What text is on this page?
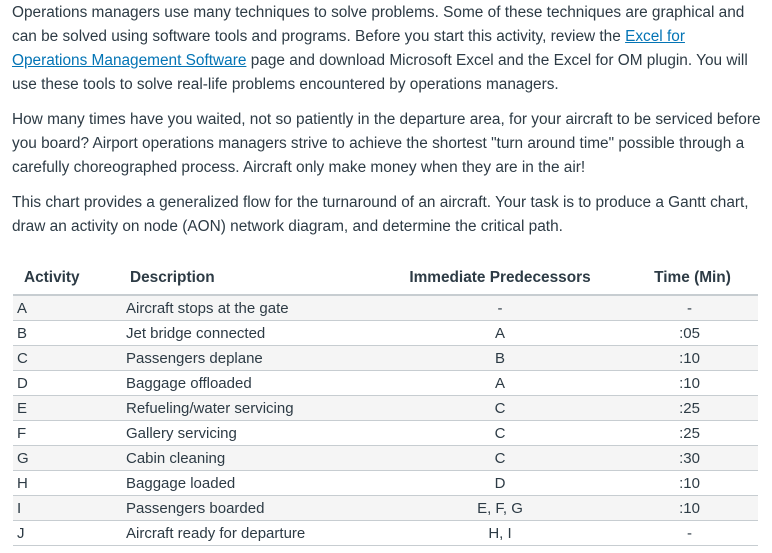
Operations managers use many techniques to solve problems. Some of these techniques are graphical and can be solved using software tools and programs. Before you start this activity, review the Excel for Operations Management Software page and download Microsoft Excel and the Excel for OM plugin. You will use these tools to solve real-life problems encountered by operations managers.

How many times have you waited, not so patiently in the departure area, for your aircraft to be serviced before you board? Airport operations managers strive to achieve the shortest "turn around time" possible through a carefully choreographed process. Aircraft only make money when they are in the air!

This chart provides a generalized flow for the turnaround of an aircraft. Your task is to produce a Gantt chart, draw an activity on node (AON) network diagram, and determine the critical path.

Activity	Description	Immediate Predecessors	Time (Min)
A	Aircraft stops at the gate	-	-
B	Jet bridge connected	A	:05
C	Passengers deplane	B	:10
D	Baggage offloaded	A	:10
E	Refueling/water servicing	C	:25
F	Gallery servicing	C	:25
G	Cabin cleaning	C	:30
H	Baggage loaded	D	:10
I	Passengers boarded	E, F, G	:10
J	Aircraft ready for departure	H, I	-
